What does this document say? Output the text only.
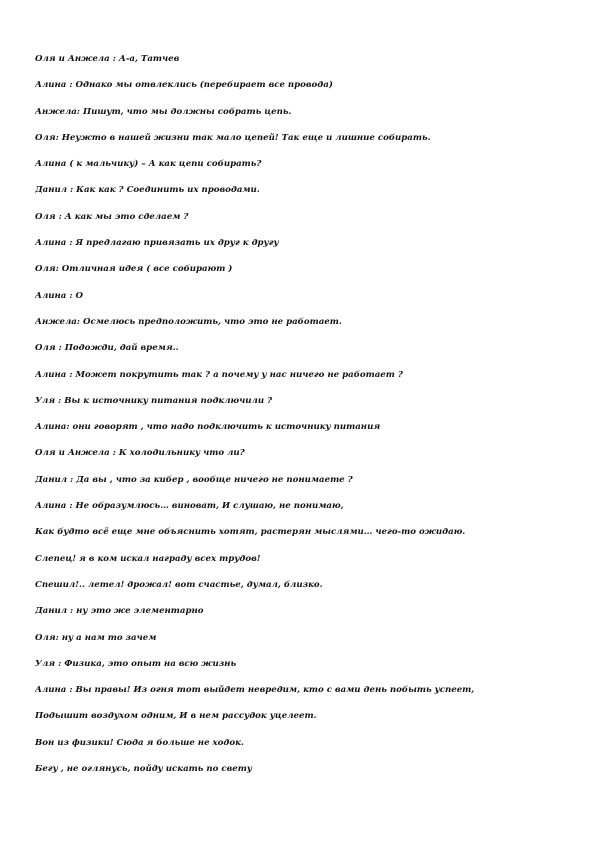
Оля и Анжела : А-а, Татчев
Алина : Однако мы отвлеклись (перебирает все провода)
Анжела: Пишут, что мы должны собрать цепь.
Оля: Неужто в нашей жизни так мало цепей! Так еще и лишние собирать.
Алина ( к мальчику) – А как цепи собирать?
Данил : Как как ? Соединить их проводами.
Оля : А как мы это сделаем ?
Алина : Я предлагаю привязать их друг к другу
Оля: Отличная идея ( все собирают )
Алина : О
Анжела: Осмелюсь предположить, что это не работает.
Оля : Подожди, дай время..
Алина : Может покрутить так ? а почему у нас ничего не работает ?
Уля : Вы к источнику питания подключили ?
Алина: они говорят , что надо подключить к источнику питания
Оля и Анжела : К холодильнику что ли?
Данил : Да вы , что за кибер , вообще ничего не понимаете ?
Алина : Не образумлюсь… виноват, И слушаю, не понимаю,
Как будто всё еще мне объяснить хотят, растерян мыслями… чего-то ожидаю.
Слепец! я в ком искал награду всех трудов!
Спешил!.. летел! дрожал! вот счастье, думал, близко.
Данил : ну это же элементарно
Оля: ну а нам то зачем
Уля : Физика, это опыт на всю жизнь
Алина : Вы правы! Из огня тот выйдет невредим, кто с вами день побыть успеет,
Подышит воздухом одним, И в нем рассудок уцелеет.
Вон из физики! Сюда я больше не ходок.
Бегу , не оглянусь, пойду искать по свету
